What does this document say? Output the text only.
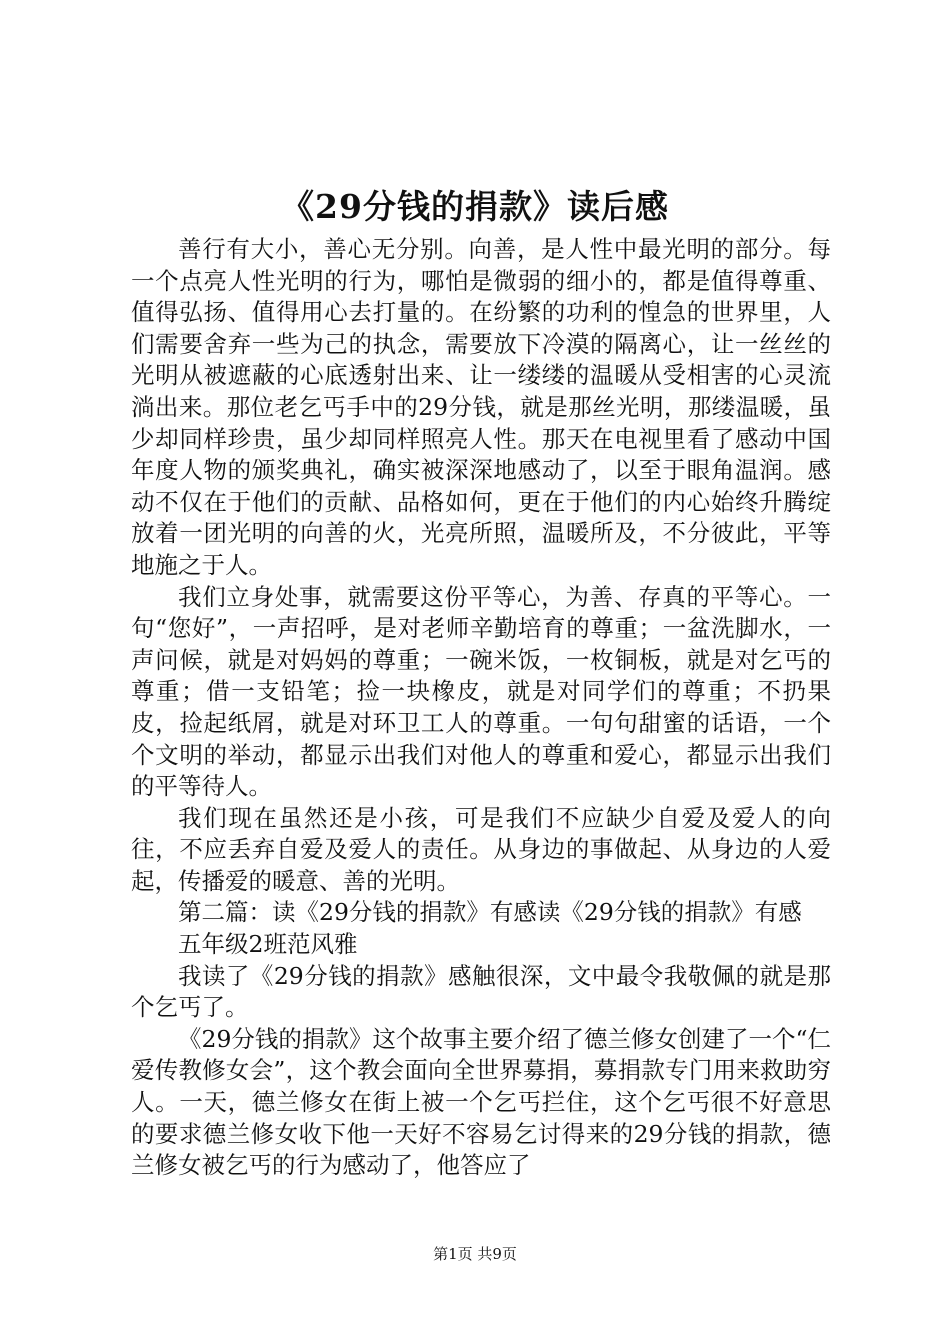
《29分钱的捐款》读后感

善行有大小，善心无分别。向善，是人性中最光明的部分。每一个点亮人性光明的行为，哪怕是微弱的细小的，都是值得尊重、值得弘扬、值得用心去打量的。在纷繁的功利的惶急的世界里，人们需要舍弃一些为己的执念，需要放下冷漠的隔离心，让一丝丝的光明从被遮蔽的心底透射出来、让一缕缕的温暖从受相害的心灵流淌出来。那位老乞丐手中的29分钱，就是那丝光明，那缕温暖，虽少却同样珍贵，虽少却同样照亮人性。那天在电视里看了感动中国年度人物的颁奖典礼，确实被深深地感动了，以至于眼角温润。感动不仅在于他们的贡献、品格如何，更在于他们的内心始终升腾绽放着一团光明的向善的火，光亮所照，温暖所及，不分彼此，平等地施之于人。

我们立身处事，就需要这份平等心，为善、存真的平等心。一句“您好”，一声招呼，是对老师辛勤培育的尊重；一盆洗脚水，一声问候，就是对妈妈的尊重；一碗米饭，一枚铜板，就是对乞丐的尊重；借一支铅笔；捡一块橡皮，就是对同学们的尊重；不扔果皮，捡起纸屑，就是对环卫工人的尊重。一句句甜蜜的话语，一个个文明的举动，都显示出我们对他人的尊重和爱心，都显示出我们的平等待人。

我们现在虽然还是小孩，可是我们不应缺少自爱及爱人的向往，不应丢弃自爱及爱人的责任。从身边的事做起、从身边的人爱起，传播爱的暖意、善的光明。

第二篇：读《29分钱的捐款》有感读《29分钱的捐款》有感

五年级2班范风雅

我读了《29分钱的捐款》感触很深，文中最令我敬佩的就是那个乞丐了。

《29分钱的捐款》这个故事主要介绍了德兰修女创建了一个“仁爱传教修女会”，这个教会面向全世界募捐，募捐款专门用来救助穷人。一天，德兰修女在街上被一个乞丐拦住，这个乞丐很不好意思的要求德兰修女收下他一天好不容易乞讨得来的29分钱的捐款，德兰修女被乞丐的行为感动了，他答应了

第1页 共9页
